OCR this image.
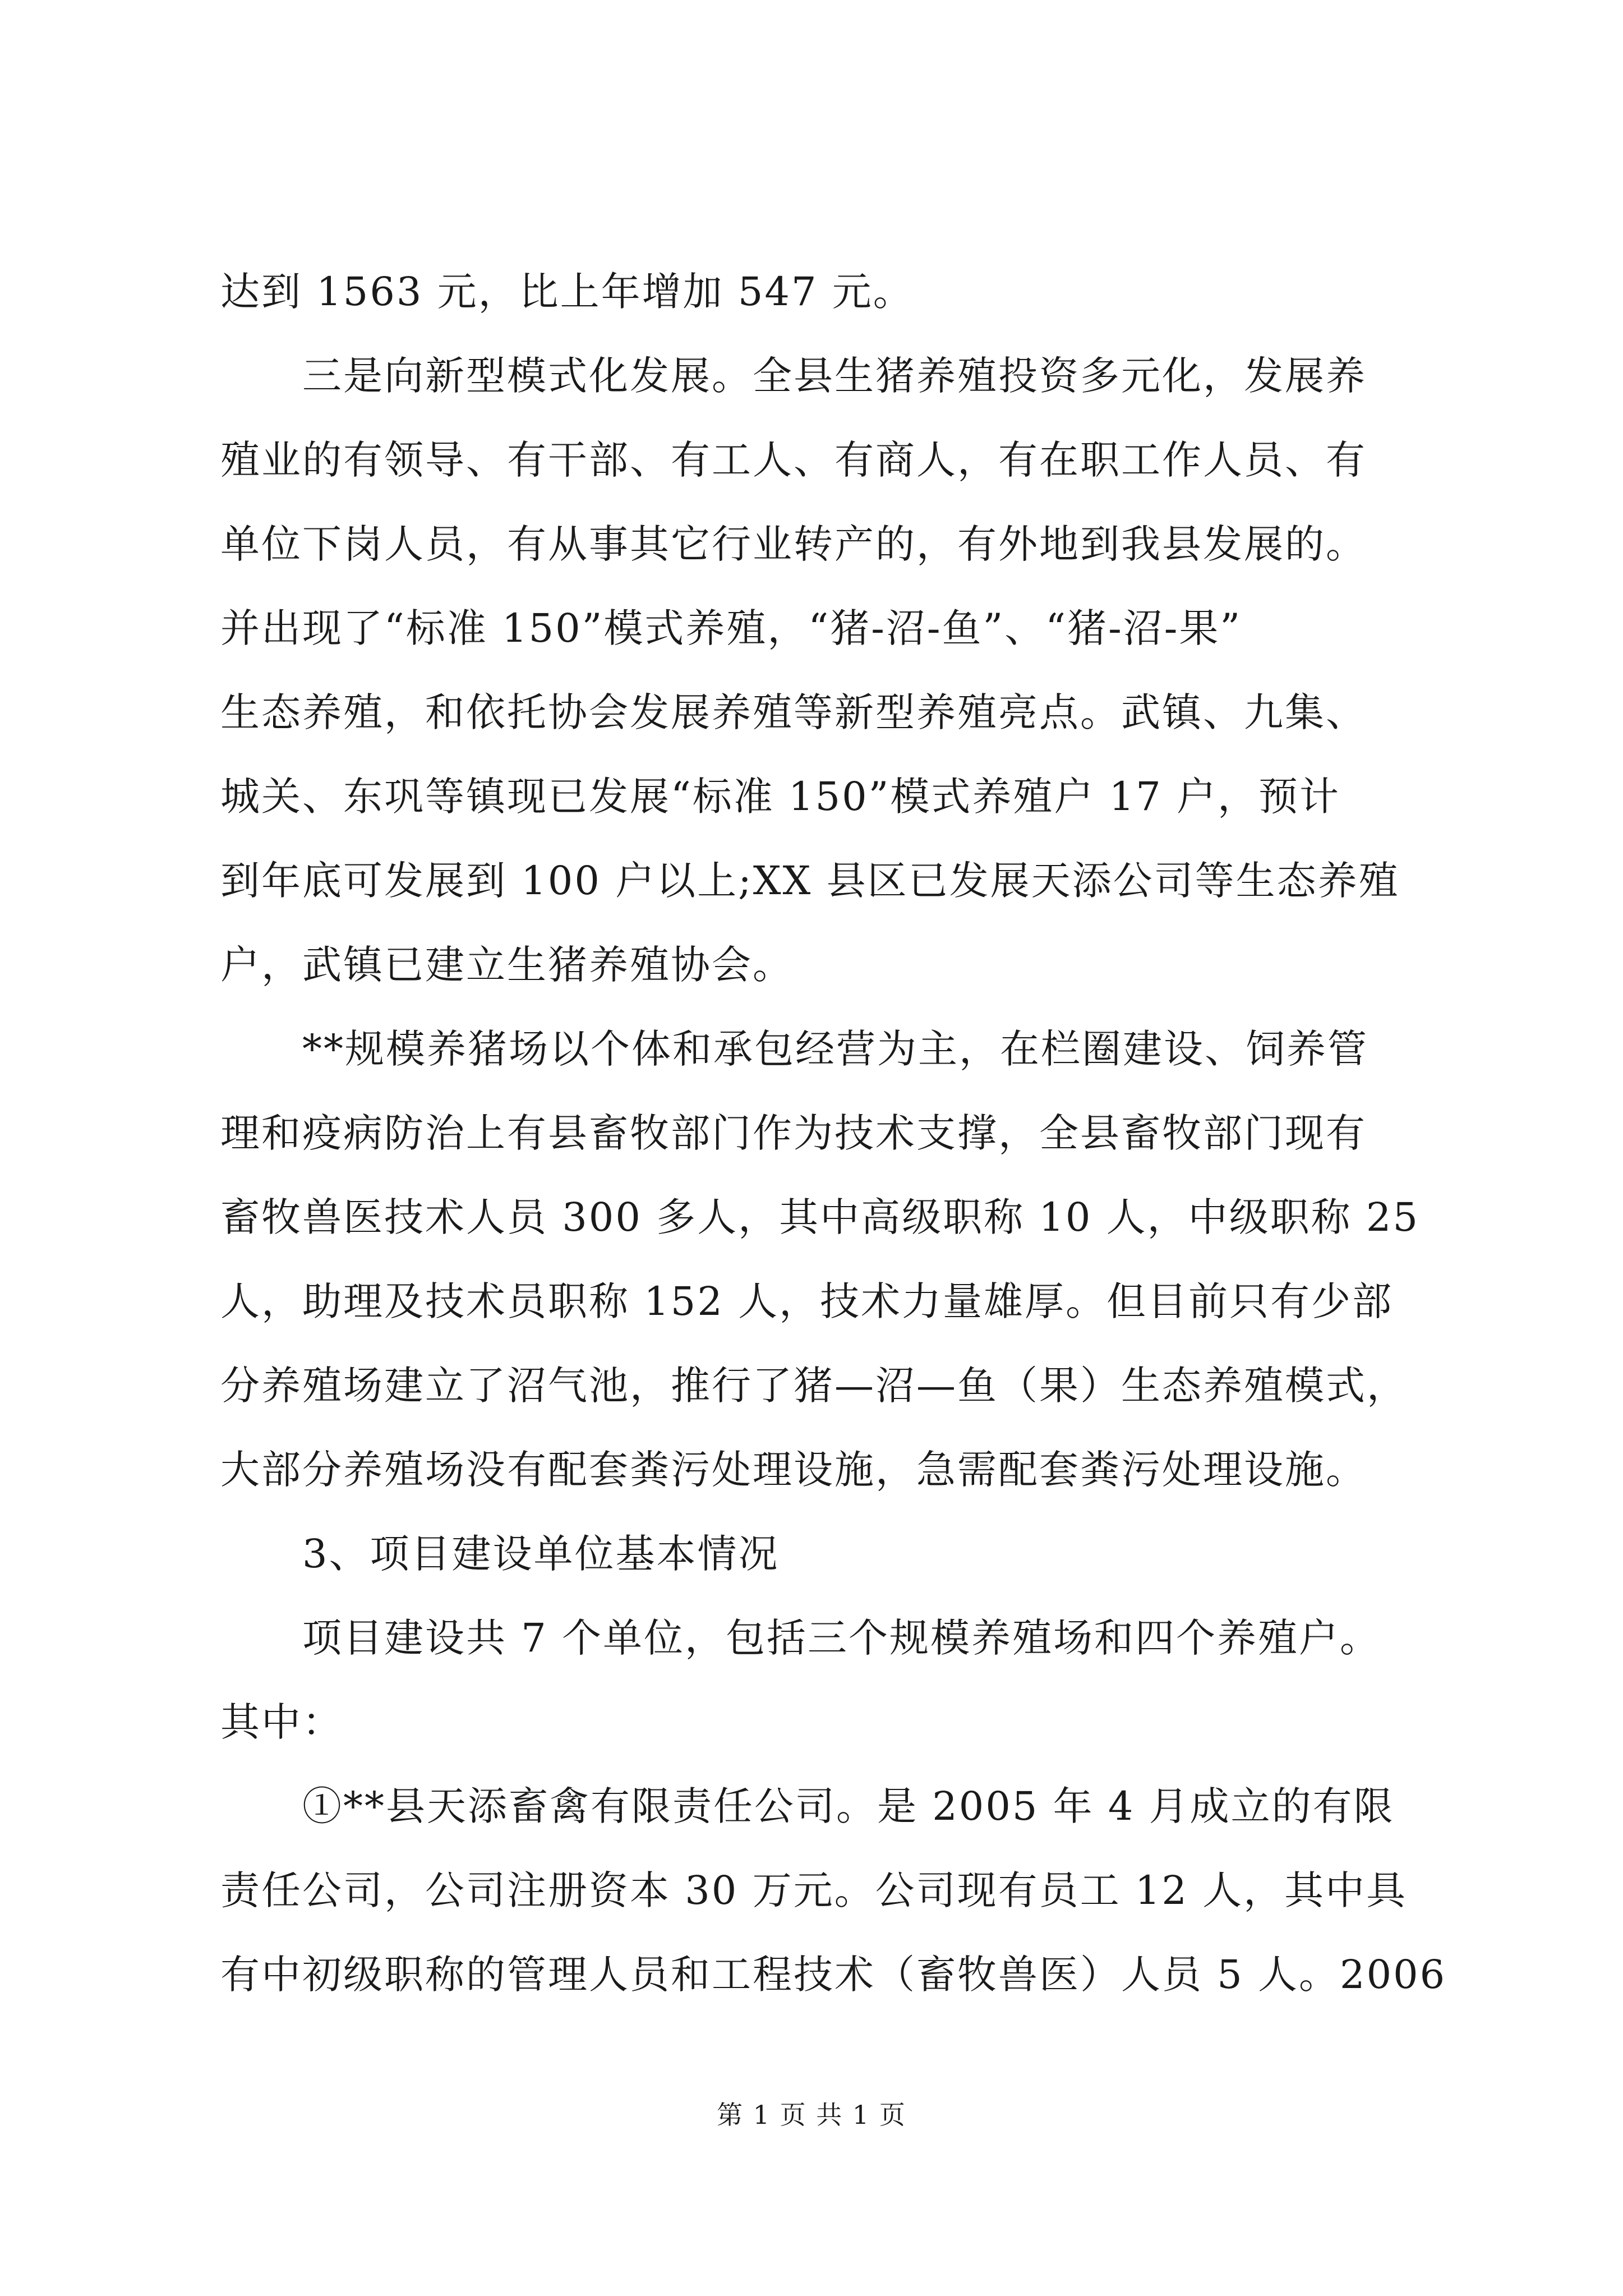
达到 1563 元，比上年增加 547 元。
三是向新型模式化发展。全县生猪养殖投资多元化，发展养
殖业的有领导、有干部、有工人、有商人，有在职工作人员、有
单位下岗人员，有从事其它行业转产的，有外地到我县发展的。
并出现了“标准 150”模式养殖，“猪-沼-鱼”、“猪-沼-果”
生态养殖，和依托协会发展养殖等新型养殖亮点。武镇、九集、
城关、东巩等镇现已发展“标准 150”模式养殖户 17 户，预计
到年底可发展到 100 户以上;XX 县区已发展天添公司等生态养殖
户，武镇已建立生猪养殖协会。
**规模养猪场以个体和承包经营为主，在栏圈建设、饲养管
理和疫病防治上有县畜牧部门作为技术支撑，全县畜牧部门现有
畜牧兽医技术人员 300 多人，其中高级职称 10 人，中级职称 25
人，助理及技术员职称 152 人，技术力量雄厚。但目前只有少部
分养殖场建立了沼气池，推行了猪—沼—鱼（果）生态养殖模式，
大部分养殖场没有配套粪污处理设施，急需配套粪污处理设施。
3、项目建设单位基本情况
项目建设共 7 个单位，包括三个规模养殖场和四个养殖户。
其中：
①**县天添畜禽有限责任公司。是 2005 年 4 月成立的有限
责任公司，公司注册资本 30 万元。公司现有员工 12 人，其中具
有中初级职称的管理人员和工程技术（畜牧兽医）人员 5 人。2006
第 1 页 共 1 页
